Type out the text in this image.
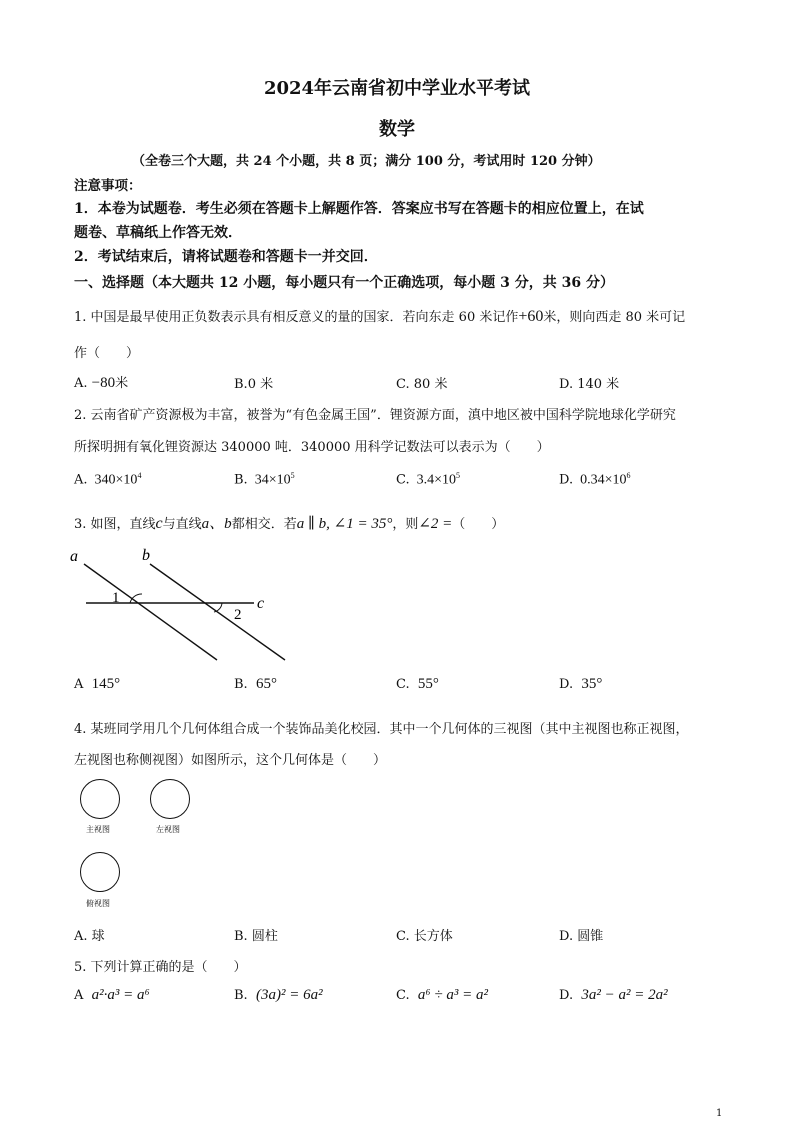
2024年云南省初中学业水平考试
数学
（全卷三个大题，共 24 个小题，共 8 页；满分 100 分，考试用时 120 分钟）
注意事项：
1．本卷为试题卷．考生必须在答题卡上解题作答．答案应书写在答题卡的相应位置上，在试
题卷、草稿纸上作答无效．
2．考试结束后，请将试题卷和答题卡一并交回．
一、选择题（本大题共 12 小题，每小题只有一个正确选项，每小题 3 分，共 36 分）
1. 中国是最早使用正负数表示具有相反意义的量的国家．若向东走 60 米记作+60米，则向西走 80 米可记
作（　　）
A. −80米	B.0 米	C. 80 米	D. 140 米
2. 云南省矿产资源极为丰富，被誉为“有色金属王国”．锂资源方面，滇中地区被中国科学院地球化学研究
所探明拥有氧化锂资源达 340000 吨．340000 用科学记数法可以表示为（　　）
A. $340\times 10^4$	B. $34\times 10^5$	C. $3.4\times 10^5$	D. $0.34\times 10^6$
3. 如图，直线c与直线a、b都相交．若a ∥ b, ∠1 = 35°，则∠2 =（　　）
a	b
c
1
2
A 145°	B. 65°	C. 55°	D. 35°
4. 某班同学用几个几何体组合成一个装饰品美化校园．其中一个几何体的三视图（其中主视图也称正视图，
左视图也称侧视图）如图所示，这个几何体是（　　）
主视图	左视图
俯视图
A. 球	B. 圆柱	C. 长方体	D. 圆锥
5. 下列计算正确的是（　　）
A a²·a³ = a⁶	B. (3a)² = 6a²	C. a⁶ ÷ a³ = a²	D. 3a² − a² = 2a²
1
